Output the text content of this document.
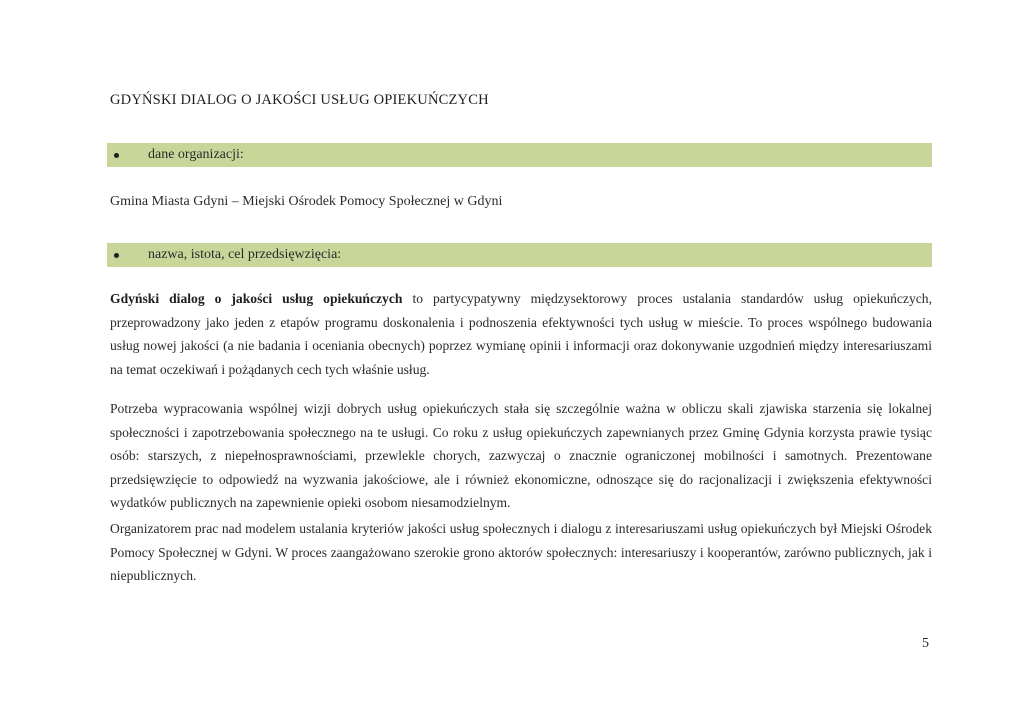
GDYŃSKI DIALOG O JAKOŚCI USŁUG OPIEKUŃCZYCH
dane organizacji:
Gmina Miasta Gdyni – Miejski Ośrodek Pomocy Społecznej w Gdyni
nazwa, istota, cel przedsięwzięcia:

Gdyński dialog o jakości usług opiekuńczych to partycypatywny międzysektorowy proces ustalania standardów usług opiekuńczych, przeprowadzony jako jeden z etapów programu doskonalenia i podnoszenia efektywności tych usług w mieście. To proces wspólnego budowania usług nowej jakości (a nie badania i oceniania obecnych) poprzez wymianę opinii i informacji oraz dokonywanie uzgodnień między interesariuszami na temat oczekiwań i pożądanych cech tych właśnie usług.

Potrzeba wypracowania wspólnej wizji dobrych usług opiekuńczych stała się szczególnie ważna w obliczu skali zjawiska starzenia się lokalnej społeczności i zapotrzebowania społecznego na te usługi. Co roku z usług opiekuńczych zapewnianych przez Gminę Gdynia korzysta prawie tysiąc osób: starszych, z niepełnosprawnościami, przewlekle chorych, zazwyczaj o znacznie ograniczonej mobilności i samotnych. Prezentowane przedsięwzięcie to odpowiedź na wyzwania jakościowe, ale i również ekonomiczne, odnoszące się do racjonalizacji i zwiększenia efektywności wydatków publicznych na zapewnienie opieki osobom niesamodzielnym.

Organizatorem prac nad modelem ustalania kryteriów jakości usług społecznych i dialogu z interesariuszami usług opiekuńczych był Miejski Ośrodek Pomocy Społecznej w Gdyni. W proces zaangażowano szerokie grono aktorów społecznych: interesariuszy i kooperantów, zarówno publicznych, jak i niepublicznych.

5
